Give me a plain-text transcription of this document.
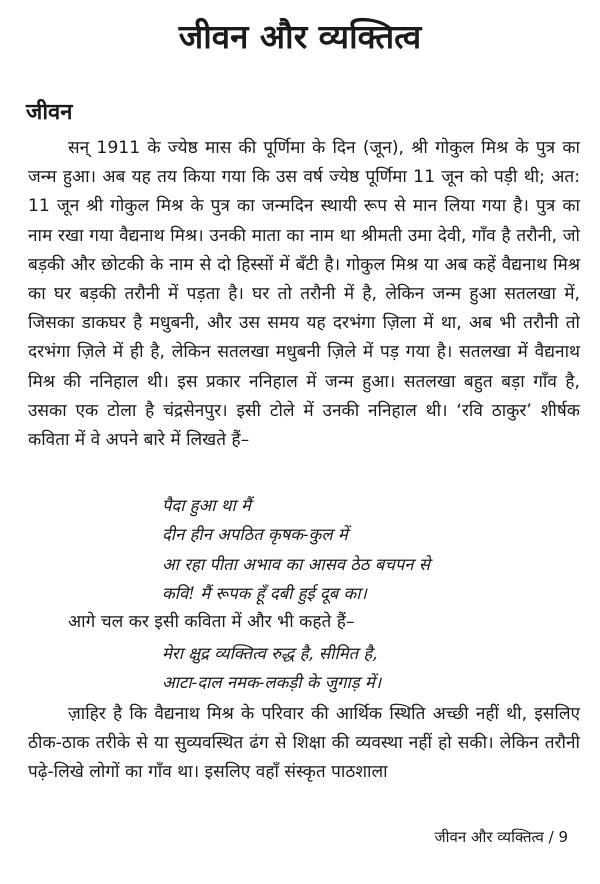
जीवन और व्यक्तित्व
जीवन

सन् 1911 के ज्येष्ठ मास की पूर्णिमा के दिन (जून), श्री गोकुल मिश्र के पुत्र का जन्म हुआ। अब यह तय किया गया कि उस वर्ष ज्येष्ठ पूर्णिमा 11 जून को पड़ी थी; अत: 11 जून श्री गोकुल मिश्र के पुत्र का जन्मदिन स्थायी रूप से मान लिया गया है। पुत्र का नाम रखा गया वैद्यनाथ मिश्र। उनकी माता का नाम था श्रीमती उमा देवी, गाँव है तरौनी, जो बड़की और छोटकी के नाम से दो हिस्सों में बँटी है। गोकुल मिश्र या अब कहें वैद्यनाथ मिश्र का घर बड़की तरौनी में पड़ता है। घर तो तरौनी में है, लेकिन जन्म हुआ सतलखा में, जिसका डाकघर है मधुबनी, और उस समय यह दरभंगा ज़िला में था, अब भी तरौनी तो दरभंगा ज़िले में ही है, लेकिन सतलखा मधुबनी ज़िले में पड़ गया है। सतलखा में वैद्यनाथ मिश्र की ननिहाल थी। इस प्रकार ननिहाल में जन्म हुआ। सतलखा बहुत बड़ा गाँव है, उसका एक टोला है चंद्रसेनपुर। इसी टोले में उनकी ननिहाल थी। ‘रवि ठाकुर’ शीर्षक कविता में वे अपने बारे में लिखते हैं–

पैदा हुआ था मैं
दीन हीन अपठित कृषक-कुल में
आ रहा पीता अभाव का आसव ठेठ बचपन से
कवि! मैं रूपक हूँ दबी हुई दूब का।

आगे चल कर इसी कविता में और भी कहते हैं–

मेरा क्षुद्र व्यक्तित्व रुद्ध है, सीमित है,
आटा-दाल नमक-लकड़ी के जुगाड़ में।

ज़ाहिर है कि वैद्यनाथ मिश्र के परिवार की आर्थिक स्थिति अच्छी नहीं थी, इसलिए ठीक-ठाक तरीके से या सुव्यवस्थित ढंग से शिक्षा की व्यवस्था नहीं हो सकी। लेकिन तरौनी पढ़े-लिखे लोगों का गाँव था। इसलिए वहाँ संस्कृत पाठशाला

जीवन और व्यक्तित्व / 9
